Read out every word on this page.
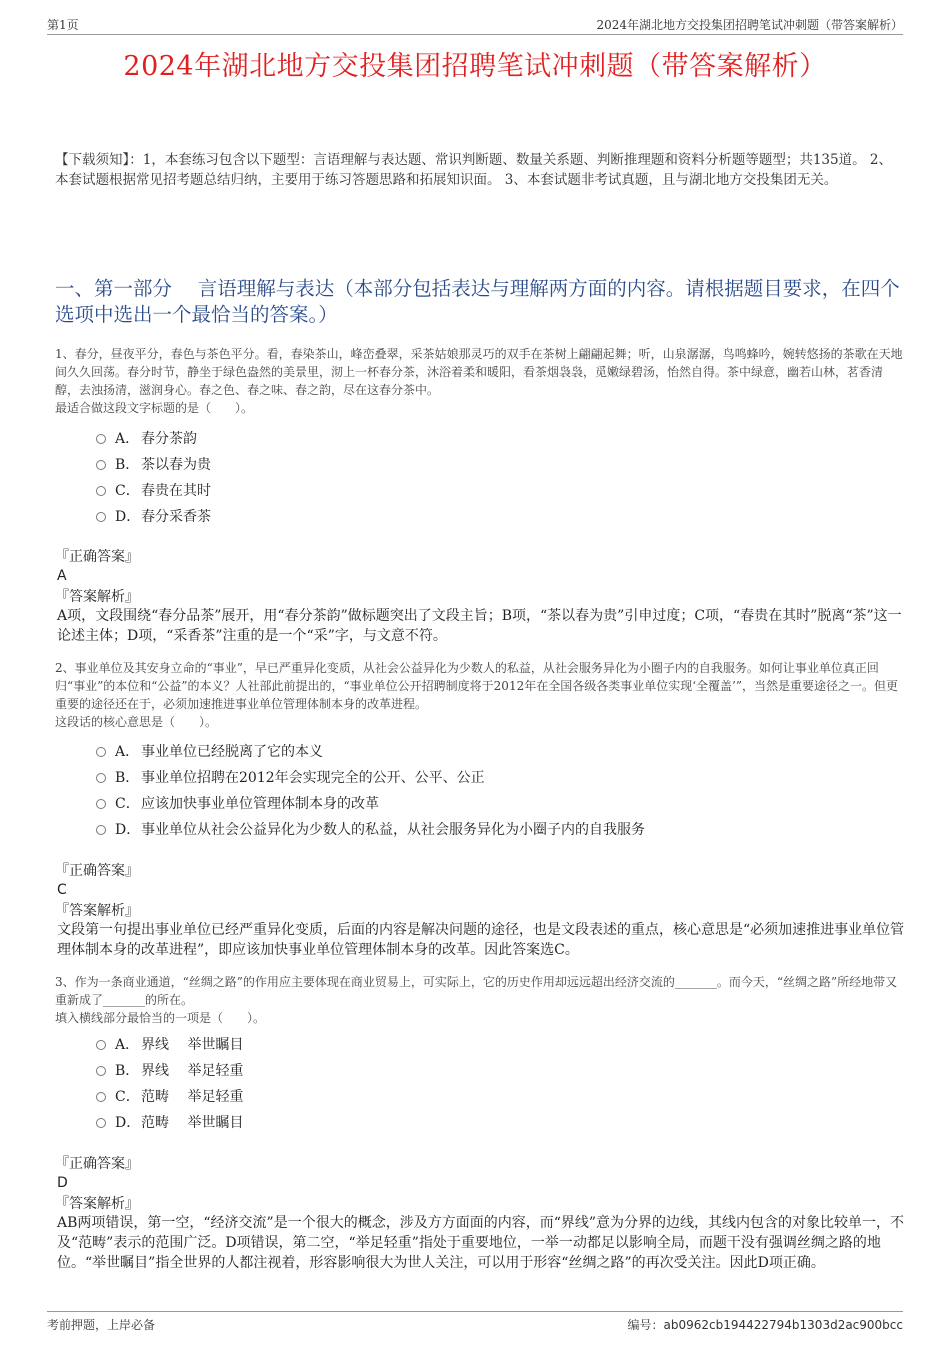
第1页	2024年湖北地方交投集团招聘笔试冲刺题（带答案解析）
2024年湖北地方交投集团招聘笔试冲刺题（带答案解析）
【下载须知】：1，本套练习包含以下题型：言语理解与表达题、常识判断题、数量关系题、判断推理题和资料分析题等题型；共135道。 2、本套试题根据常见招考题总结归纳，主要用于练习答题思路和拓展知识面。 3、本套试题非考试真题，且与湖北地方交投集团无关。
一、第一部分　 言语理解与表达（本部分包括表达与理解两方面的内容。请根据题目要求，在四个选项中选出一个最恰当的答案。）

1、春分，昼夜平分，春色与茶色平分。看，春染茶山，峰峦叠翠，采茶姑娘那灵巧的双手在茶树上翩翩起舞；听，山泉潺潺，鸟鸣蜂吟，婉转悠扬的茶歌在天地间久久回荡。春分时节，静坐于绿色盎然的美景里，沏上一杯春分茶，沐浴着柔和暖阳，看茶烟袅袅，觅嫩绿碧汤，怡然自得。茶中绿意，幽若山林，茗香清醇，去浊扬清，滋润身心。春之色、春之味、春之韵，尽在这春分茶中。

最适合做这段文字标题的是（　　）。

A． 春分茶韵
B． 茶以春为贵
C．春贵在其时
D．春分采香茶
『正确答案』
A
『答案解析』
A项，文段围绕“春分品茶”展开，用“春分茶韵”做标题突出了文段主旨；B项，“茶以春为贵”引申过度；C项，“春贵在其时”脱离“茶”这一论述主体；D项，“采香茶”注重的是一个“采”字，与文意不符。

2、事业单位及其安身立命的“事业”，早已严重异化变质，从社会公益异化为少数人的私益，从社会服务异化为小圈子内的自我服务。如何让事业单位真正回归“事业”的本位和“公益”的本义？人社部此前提出的，“事业单位公开招聘制度将于2012年在全国各级各类事业单位实现‘全覆盖’”，当然是重要途径之一。但更重要的途径还在于，必须加速推进事业单位管理体制本身的改革进程。

这段话的核心意思是（　　）。

A． 事业单位已经脱离了它的本义
B． 事业单位招聘在2012年会实现完全的公开、公平、公正
C．应该加快事业单位管理体制本身的改革
D．事业单位从社会公益异化为少数人的私益，从社会服务异化为小圈子内的自我服务
『正确答案』
C
『答案解析』
文段第一句提出事业单位已经严重异化变质，后面的内容是解决问题的途径，也是文段表述的重点，核心意思是“必须加速推进事业单位管理体制本身的改革进程”，即应该加快事业单位管理体制本身的改革。因此答案选C。

3、作为一条商业通道，“丝绸之路”的作用应主要体现在商业贸易上，可实际上，它的历史作用却远远超出经济交流的_______。而今天，“丝绸之路”所经地带又重新成了_______的所在。

填入横线部分最恰当的一项是（　　）。

A． 界线　 举世瞩目
B． 界线　 举足轻重
C．范畴　 举足轻重
D．范畴　 举世瞩目
『正确答案』
D
『答案解析』
AB两项错误，第一空，“经济交流”是一个很大的概念，涉及方方面面的内容，而“界线”意为分界的边线，其线内包含的对象比较单一，不及“范畴”表示的范围广泛。D项错误，第二空，“举足轻重”指处于重要地位，一举一动都足以影响全局，而题干没有强调丝绸之路的地位。“举世瞩目”指全世界的人都注视着，形容影响很大为世人关注，可以用于形容“丝绸之路”的再次受关注。因此D项正确。
考前押题，上岸必备	编号：ab0962cb194422794b1303d2ac900bcc
